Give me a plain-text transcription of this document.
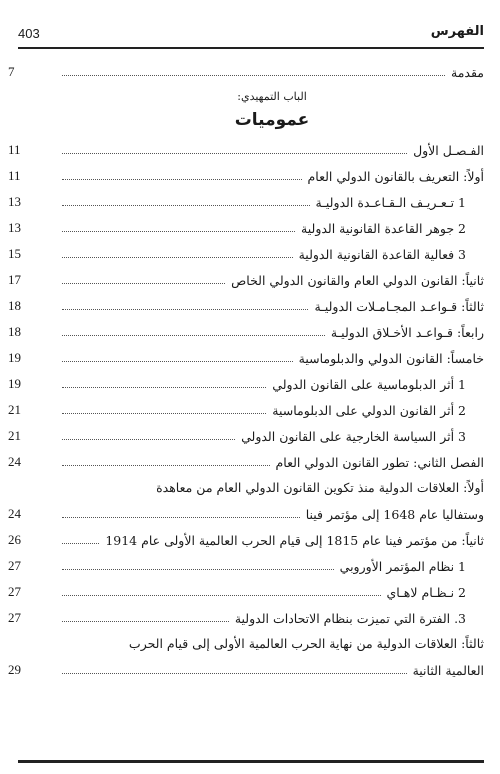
403	الفهرس
مقدمة
7
الباب التمهيدي:
عموميات
الفـصـل الأول
11
أولاً: التعريف بالقانون الدولي العام
11
1 تـعـريـف الـقـاعـدة الدوليـة
13
2 جوهر القاعدة القانونية الدولية
13
3 فعالية القاعدة القانونية الدولية
15
ثانياً: القانون الدولي العام والقانون الدولي الخاص
17
ثالثاً: قـواعـد المجـامـلات الدوليـة
18
رابعاً: قـواعـد الأخـلاق الدوليـة
18
خامساً: القانون الدولي والدبلوماسية
19
1 أثر الدبلوماسية على القانون الدولي
19
2 أثر القانون الدولي على الدبلوماسية
21
3 أثر السياسة الخارجية على القانون الدولي
21
الفصل الثاني: تطور القانون الدولي العام
24
أولاً: العلاقات الدولية منذ تكوين القانون الدولي العام من معاهدة
وستفاليا عام 1648 إلى مؤتمر فينا
24
ثانياً: من مؤتمر فينا عام 1815 إلى قيام الحرب العالمية الأولى عام 1914
26
1 نظام المؤتمر الأوروبي
27
2 نـظـام لاهـاي
27
3. الفترة التي تميزت بنظام الاتحادات الدولية
27
ثالثاً: العلاقات الدولية من نهاية الحرب العالمية الأولى إلى قيام الحرب
العالمية الثانية
29
